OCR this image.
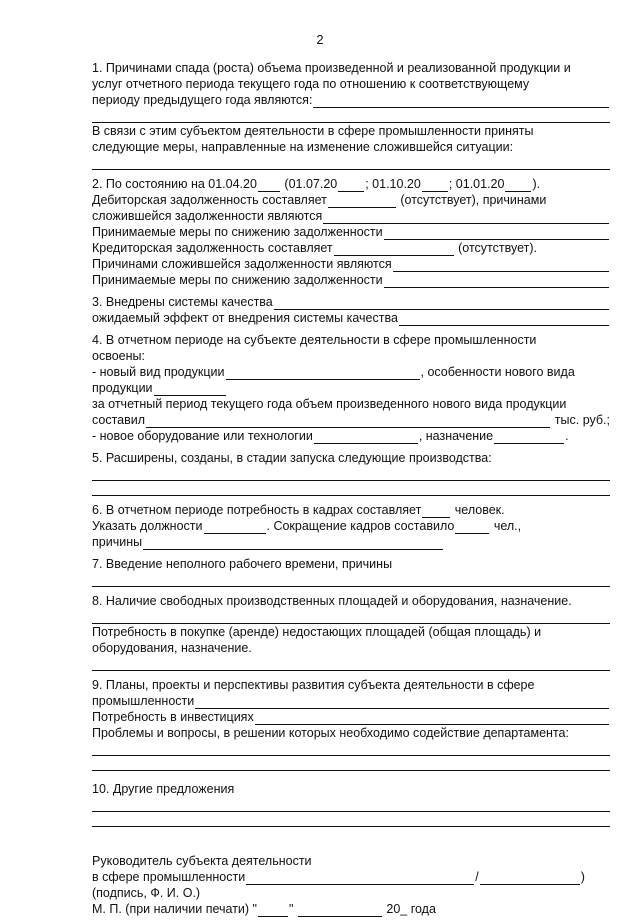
2
1. Причинами спада (роста) объема произведенной и реализованной продукции и
услуг отчетного периода текущего года по отношению к соответствующему
периоду предыдущего года являются:
В связи с этим субъектом деятельности в сфере промышленности приняты
следующие меры, направленные на изменение сложившейся ситуации:
2. По состоянию на 01.04.20 (01.07.20 ; 01.10.20 ; 01.01.20 ).
Дебиторская задолженность составляет	(отсутствует), причинами
сложившейся задолженности являются
Принимаемые меры по снижению задолженности
Кредиторская задолженность составляет	(отсутствует).
Причинами сложившейся задолженности являются
Принимаемые меры по снижению задолженности
3. Внедрены системы качества
ожидаемый эффект от внедрения системы качества
4. В отчетном периоде на субъекте деятельности в сфере промышленности
освоены:
- новый вид продукции	, особенности нового вида
продукции
за отчетный период текущего года объем произведенного нового вида продукции
составил	тыс. руб.;
- новое оборудование или технологии	, назначение	.
5. Расширены, созданы, в стадии запуска следующие производства:
6. В отчетном периоде потребность в кадрах составляет человек.
Указать должности	. Сокращение кадров составило	чел.,
причины
7. Введение неполного рабочего времени, причины
8. Наличие свободных производственных площадей и оборудования, назначение.
Потребность в покупке (аренде) недостающих площадей (общая площадь) и
оборудования, назначение.
9. Планы, проекты и перспективы развития субъекта деятельности в сфере
промышленности
Потребность в инвестициях
Проблемы и вопросы, в решении которых необходимо содействие департамента:
10. Другие предложения
Руководитель субъекта деятельности
в сфере промышленности	/	)
(подпись, Ф. И. О.)
М. П. (при наличии печати) "	"
	20_ года
